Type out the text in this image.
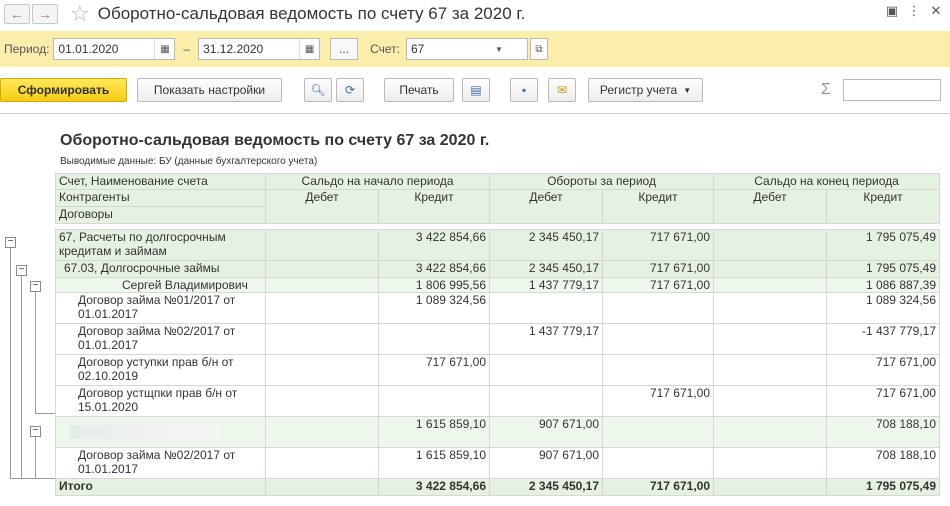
← → ☆ Оборотно-сальдовая ведомость по счету 67 за 2020 г.	▣ ⋮ ✕
Период: 01.01.2020	▦	– 31.12.2020	▦	...	Счет: 67	▼	⧉
Сформировать	Показать настройки	🔍︎ ⟳	Печать	▤	▪	✉	Регистр учета ▼	Σ
−
−
−
−
Оборотно-сальдовая ведомость по счету 67 за 2020 г.
Выводимые данные: БУ (данные бухгалтерского учета)
Счет, Наименование счета	Сальдо на начало периода		Обороты за период		Сальдо на конец периода	
Контрагенты	Дебет	Кредит	Дебет	Кредит	Дебет	Кредит
Договоры						

67, Расчеты по долгосрочным кредитам и займам		3 422 854,66	2 345 450,17	717 671,00		1 795 075,49
67.03, Долгосрочные займы		3 422 854,66	2 345 450,17	717 671,00		1 795 075,49
Сергей Владимирович		1 806 995,56	1 437 779,17	717 671,00		1 086 887,39
Договор займа №01/2017 от 01.01.2017		1 089 324,56				1 089 324,56
Договор займа №02/2017 от 01.01.2017			1 437 779,17			-1 437 779,17
Договор уступки прав б/н от 02.10.2019		717 671,00				717 671,00
Договор устщпки прав б/н от 15.01.2020				717 671,00		717 671,00
		1 615 859,10	907 671,00			708 188,10
Договор займа №02/2017 от 01.01.2017		1 615 859,10	907 671,00			708 188,10
Итого		3 422 854,66	2 345 450,17	717 671,00		1 795 075,49
